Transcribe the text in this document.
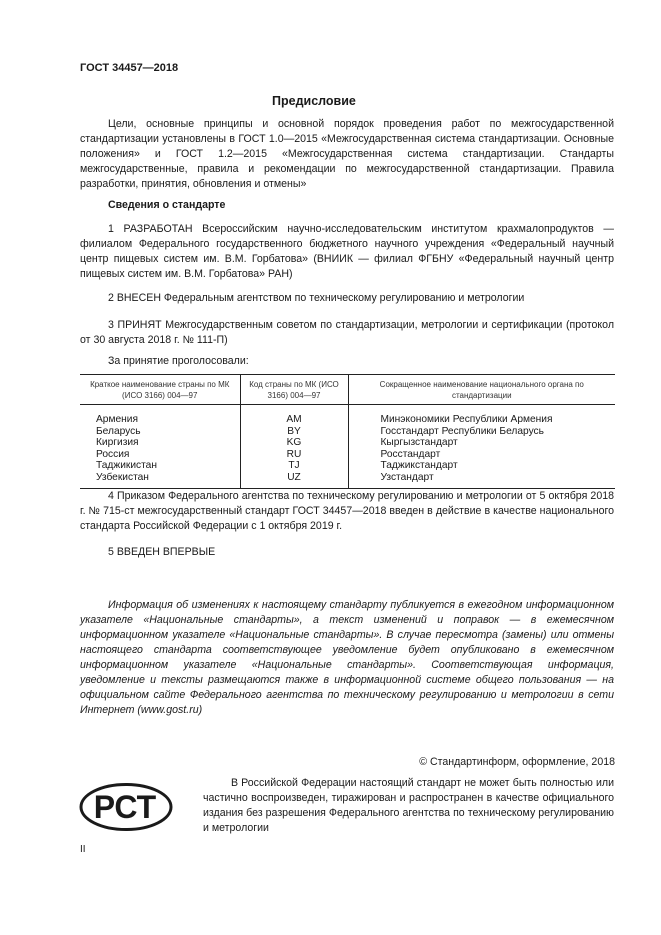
ГОСТ 34457—2018
Предисловие

Цели, основные принципы и основной порядок проведения работ по межгосударственной стандартизации установлены в ГОСТ 1.0—2015 «Межгосударственная система стандартизации. Основные положения» и ГОСТ 1.2—2015 «Межгосударственная система стандартизации. Стандарты межгосударственные, правила и рекомендации по межгосударственной стандартизации. Правила разработки, принятия, обновления и отмены»

Сведения о стандарте

1 РАЗРАБОТАН Всероссийским научно-исследовательским институтом крахмалопродуктов — филиалом Федерального государственного бюджетного научного учреждения «Федеральный научный центр пищевых систем им. В.М. Горбатова» (ВНИИК — филиал ФГБНУ «Федеральный научный центр пищевых систем им. В.М. Горбатова» РАН)

2 ВНЕСЕН Федеральным агентством по техническому регулированию и метрологии

3 ПРИНЯТ Межгосударственным советом по стандартизации, метрологии и сертификации (протокол от 30 августа 2018 г. № 111-П)

За принятие проголосовали:
Краткое наименование страны по МК (ИСО 3166) 004—97	Код страны по МК (ИСО 3166) 004—97	Сокращенное наименование национального органа по стандартизации
Армения	AM	Минэкономики Республики Армения
Беларусь	BY	Госстандарт Республики Беларусь
Киргизия	KG	Кыргызстандарт
Россия	RU	Росстандарт
Таджикистан	TJ	Таджикстандарт
Узбекистан	UZ	Узстандарт

4 Приказом Федерального агентства по техническому регулированию и метрологии от 5 октября 2018 г. № 715-ст межгосударственный стандарт ГОСТ 34457—2018 введен в действие в качестве национального стандарта Российской Федерации с 1 октября 2019 г.

5 ВВЕДЕН ВПЕРВЫЕ

Информация об изменениях к настоящему стандарту публикуется в ежегодном информационном указателе «Национальные стандарты», а текст изменений и поправок — в ежемесячном информационном указателе «Национальные стандарты». В случае пересмотра (замены) или отмены настоящего стандарта соответствующее уведомление будет опубликовано в ежемесячном информационном указателе «Национальные стандарты». Соответствующая информация, уведомление и тексты размещаются также в информационной системе общего пользования — на официальном сайте Федерального агентства по техническому регулированию и метрологии в сети Интернет (www.gost.ru)

© Стандартинформ, оформление, 2018
РСТ

В Российской Федерации настоящий стандарт не может быть полностью или частично воспроизведен, тиражирован и распространен в качестве официального издания без разрешения Федерального агентства по техническому регулированию и метрологии

II
